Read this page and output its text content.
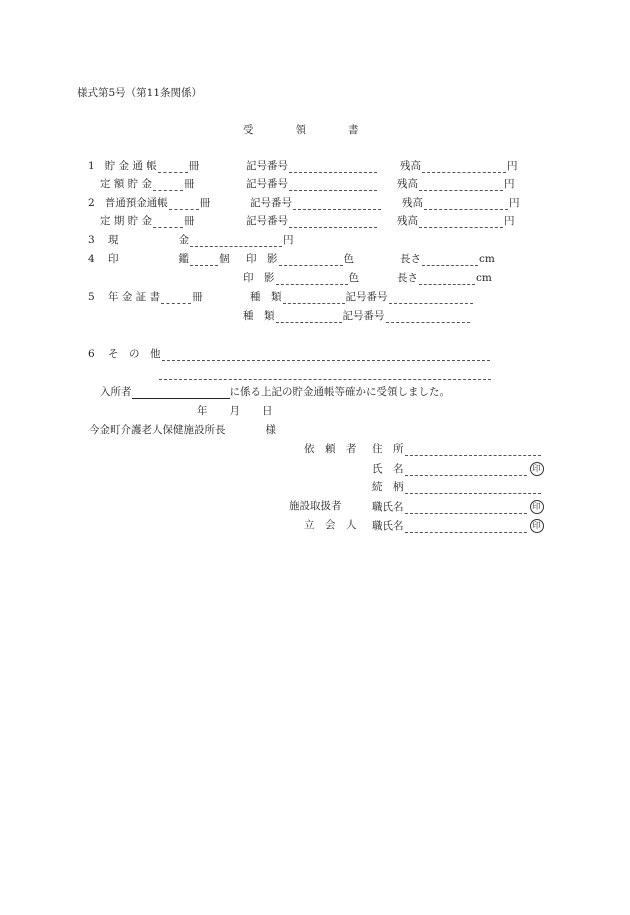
様式第5号（第11条関係）
受　　　　領　　　　書
1 貯 金 通 帳	冊	記号番号	残高	円
定 額 貯 金	冊	記号番号	残高	円
2 普通預金通帳	冊	記号番号	残高	円
定 期 貯 金	冊	記号番号	残高	円
3 現	金	円
4 印	鑑	個 印　影	色	長さ	cm
印　影	色	長さ	cm
5 年 金 証 書	冊	種　類	記号番号
種　類	記号番号
6 そ　の　他
入所者	に係る上記の貯金通帳等確かに受領しました。
年 月 日
今金町介護老人保健施設所長	様
依　頼　者 住　所
氏　名	印
続　柄
施設取扱者	職氏名	印
立　会　人 職氏名	印
